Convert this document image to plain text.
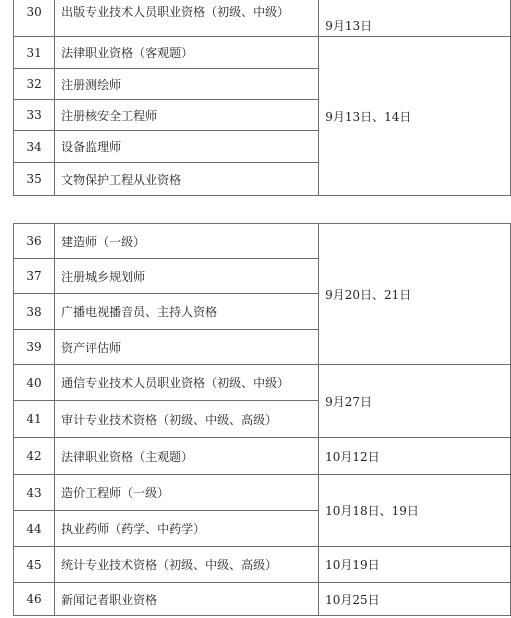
30	出版专业技术人员职业资格（初级、中级）	9月13日
31	法律职业资格（客观题）	9月13日、14日
32	注册测绘师	
33	注册核安全工程师	
34	设备监理师	
35	文物保护工程从业资格	
36	建造师（一级）	9月20日、21日
37	注册城乡规划师	
38	广播电视播音员、主持人资格	
39	资产评估师	
40	通信专业技术人员职业资格（初级、中级）	9月27日
41	审计专业技术资格（初级、中级、高级）	
42	法律职业资格（主观题）	10月12日
43	造价工程师（一级）	10月18日、19日
44	执业药师（药学、中药学）	
45	统计专业技术资格（初级、中级、高级）	10月19日
46	新闻记者职业资格	10月25日
